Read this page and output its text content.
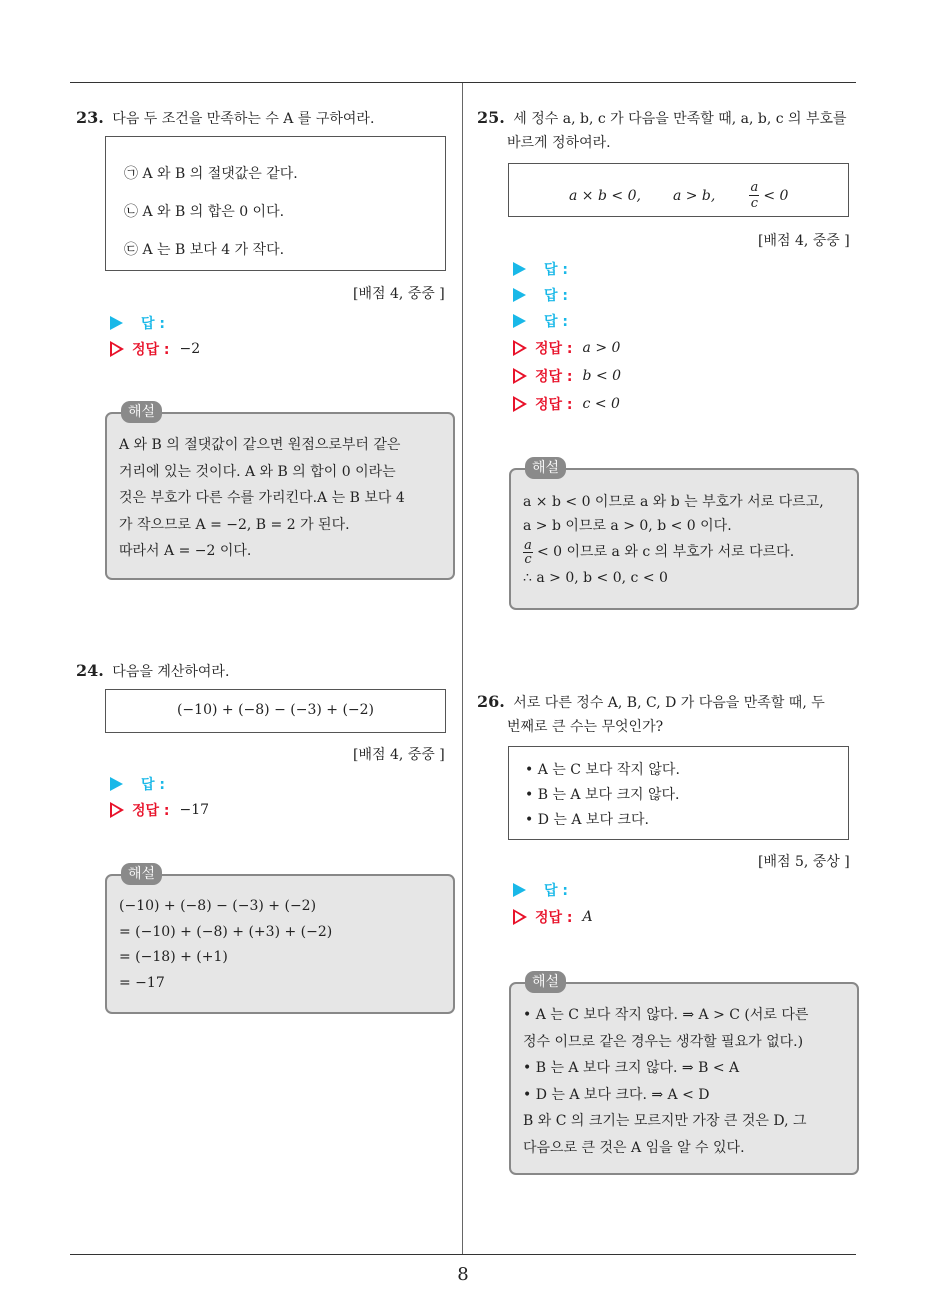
23. 다음 두 조건을 만족하는 수 A 를 구하여라.
㉠ A 와 B 의 절댓값은 같다.
㉡ A 와 B 의 합은 0 이다.
㉢ A 는 B 보다 4 가 작다.
[배점 4, 중중 ]
답 :
정답 : −2
해설
A 와 B 의 절댓값이 같으면 원점으로부터 같은
거리에 있는 것이다. A 와 B 의 합이 0 이라는
것은 부호가 다른 수를 가리킨다.A 는 B 보다 4
가 작으므로 A = −2, B = 2 가 된다.
따라서 A = −2 이다.
24. 다음을 계산하여라.
(−10) + (−8) − (−3) + (−2)
[배점 4, 중중 ]
답 :
정답 : −17
해설
(−10) + (−8) − (−3) + (−2)
= (−10) + (−8) + (+3) + (−2)
= (−18) + (+1)
= −17
25. 세 정수 a, b, c 가 다음을 만족할 때, a, b, c 의 부호를
바르게 정하여라.
a × b < 0, a > b,	$\frac{a}{c} < 0$
[배점 4, 중중 ]
답 :
답 :
답 :
정답 : a > 0
정답 : b < 0
정답 : c < 0
해설
a × b < 0 이므로 a 와 b 는 부호가 서로 다르고,
a > b 이므로 a > 0, b < 0 이다.
$\frac{a}{c} < 0$ 이므로 a 와 c 의 부호가 서로 다르다.
∴ a > 0, b < 0, c < 0
26. 서로 다른 정수 A, B, C, D 가 다음을 만족할 때, 두
번째로 큰 수는 무엇인가?
• A 는 C 보다 작지 않다.
• B 는 A 보다 크지 않다.
• D 는 A 보다 크다.
[배점 5, 중상 ]
답 :
정답 : A
해설
• A 는 C 보다 작지 않다. ⇒ A > C (서로 다른
정수 이므로 같은 경우는 생각할 필요가 없다.)
• B 는 A 보다 크지 않다. ⇒ B < A
• D 는 A 보다 크다. ⇒ A < D
B 와 C 의 크기는 모르지만 가장 큰 것은 D, 그
다음으로 큰 것은 A 임을 알 수 있다.
8
